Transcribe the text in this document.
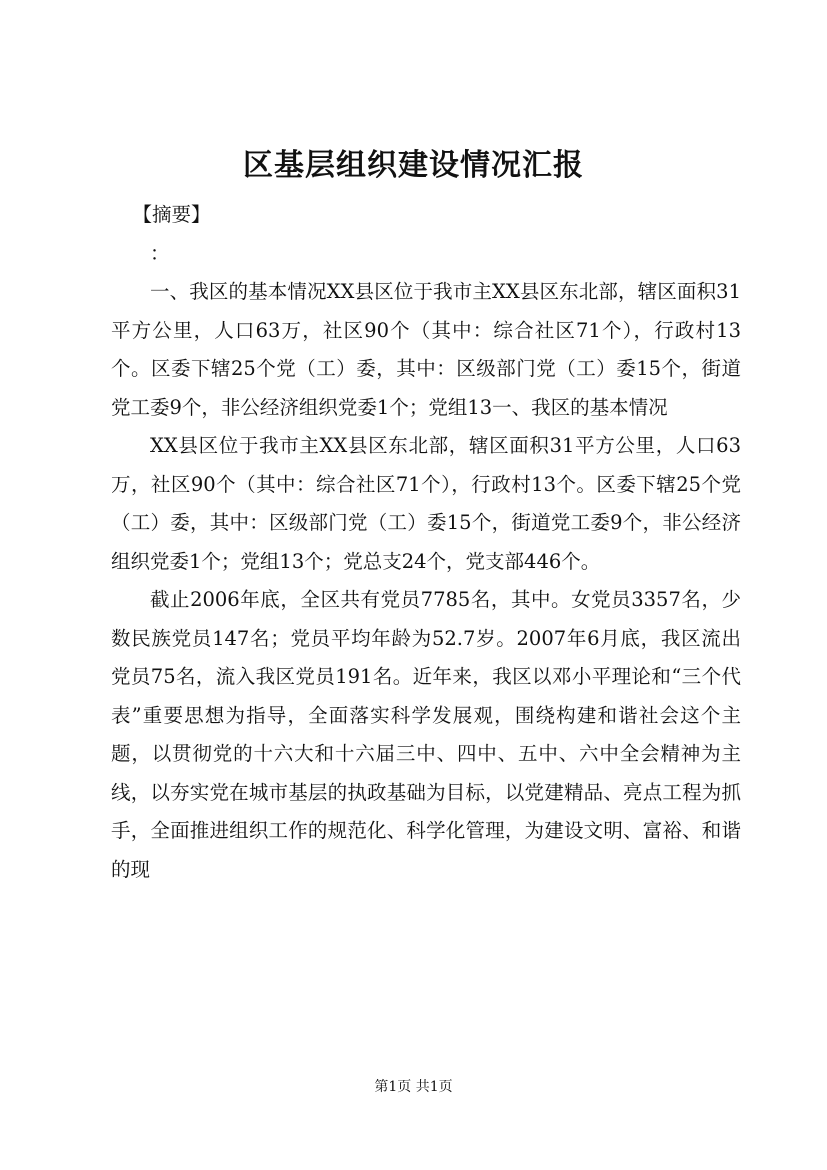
区基层组织建设情况汇报

【摘要】

：

一、我区的基本情况XX县区位于我市主XX县区东北部，辖区面积31平方公里，人口63万，社区90个（其中：综合社区71个），行政村13个。区委下辖25个党（工）委，其中：区级部门党（工）委15个，街道党工委9个，非公经济组织党委1个；党组13一、我区的基本情况

XX县区位于我市主XX县区东北部，辖区面积31平方公里，人口63万，社区90个（其中：综合社区71个），行政村13个。区委下辖25个党（工）委，其中：区级部门党（工）委15个，街道党工委9个，非公经济组织党委1个；党组13个；党总支24个，党支部446个。

截止2006年底，全区共有党员7785名，其中。女党员3357名，少数民族党员147名；党员平均年龄为52.7岁。2007年6月底，我区流出党员75名，流入我区党员191名。近年来，我区以邓小平理论和“三个代表”重要思想为指导，全面落实科学发展观，围绕构建和谐社会这个主题，以贯彻党的十六大和十六届三中、四中、五中、六中全会精神为主线，以夯实党在城市基层的执政基础为目标，以党建精品、亮点工程为抓手，全面推进组织工作的规范化、科学化管理，为建设文明、富裕、和谐的现

第1页 共1页
